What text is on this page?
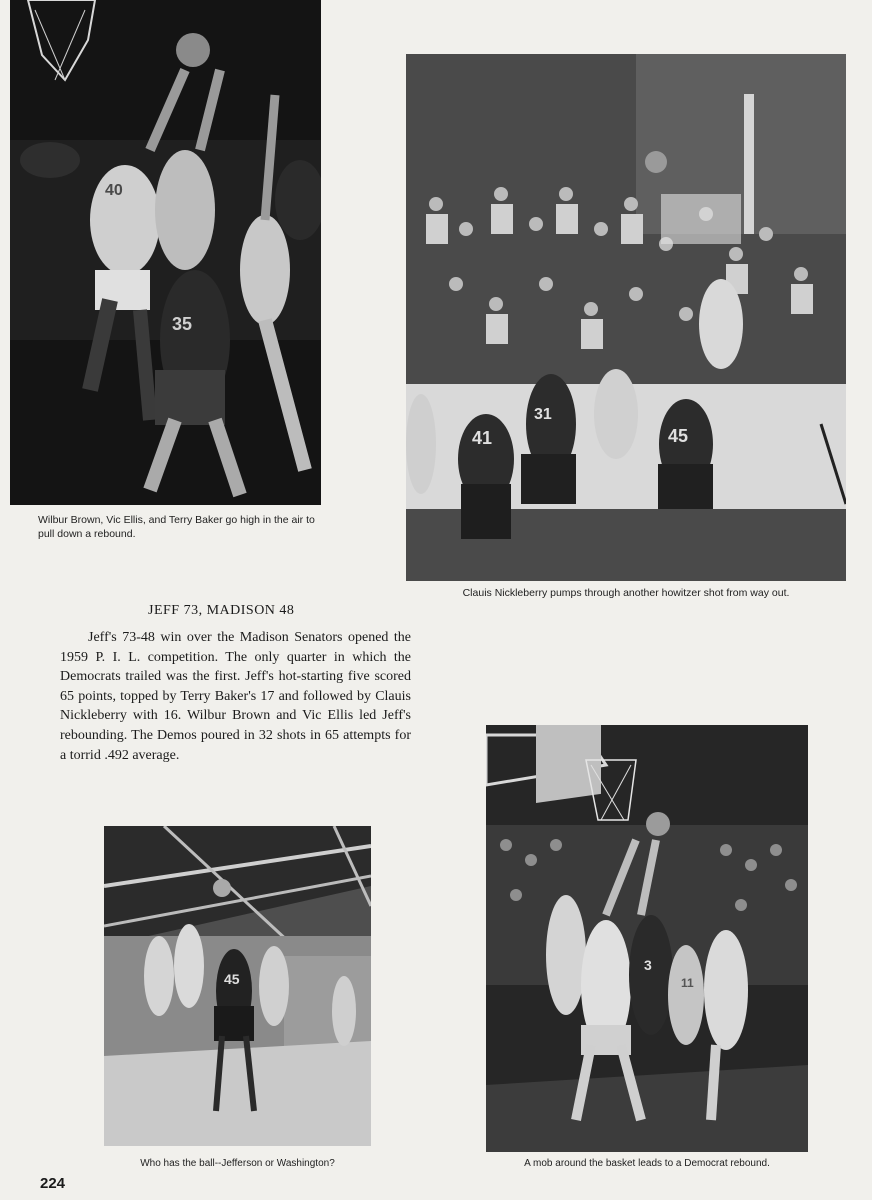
40
35
Wilbur Brown, Vic Ellis, and Terry Baker go high in the air to pull down a rebound.
41
31
45
Clauis Nickleberry pumps through another howitzer shot from way out.
JEFF 73, MADISON 48

Jeff's 73-48 win over the Madison Senators opened the 1959 P. I. L. competition. The only quarter in which the Democrats trailed was the first. Jeff's hot-starting five scored 65 points, topped by Terry Baker's 17 and followed by Clauis Nickleberry with 16. Wilbur Brown and Vic Ellis led Jeff's rebounding. The Demos poured in 32 shots in 65 attempts for a torrid .492 average.

45
Who has the ball--Jefferson or Washington?
3
11
A mob around the basket leads to a Democrat rebound.
224
